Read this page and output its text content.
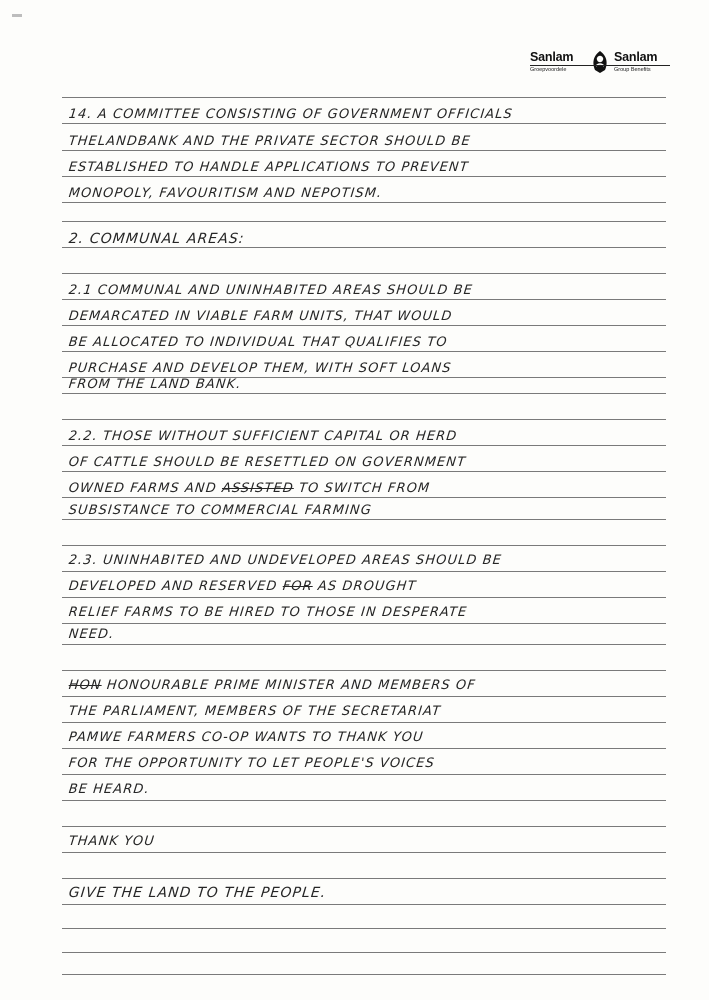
Sanlam	Sanlam
Groepvoordele	Group Benefits
14. A COMMITTEE CONSISTING OF GOVERNMENT OFFICIALS
THELANDBANK AND THE PRIVATE SECTOR SHOULD BE
ESTABLISHED TO HANDLE APPLICATIONS TO PREVENT
MONOPOLY, FAVOURITISM AND NEPOTISM.
2. COMMUNAL AREAS:
2.1 COMMUNAL AND UNINHABITED AREAS SHOULD BE
DEMARCATED IN VIABLE FARM UNITS, THAT WOULD
BE ALLOCATED TO INDIVIDUAL THAT QUALIFIES TO
PURCHASE AND DEVELOP THEM, WITH SOFT LOANS
FROM THE LAND BANK.
2.2. THOSE WITHOUT SUFFICIENT CAPITAL OR HERD
OF CATTLE SHOULD BE RESETTLED ON GOVERNMENT
OWNED FARMS AND ASSISTED TO SWITCH FROM
SUBSISTANCE TO COMMERCIAL FARMING
2.3. UNINHABITED AND UNDEVELOPED AREAS SHOULD BE
DEVELOPED AND RESERVED FOR AS DROUGHT
RELIEF FARMS TO BE HIRED TO THOSE IN DESPERATE
NEED.
HON HONOURABLE PRIME MINISTER AND MEMBERS OF
THE PARLIAMENT, MEMBERS OF THE SECRETARIAT
PAMWE FARMERS CO-OP WANTS TO THANK YOU
FOR THE OPPORTUNITY TO LET PEOPLE'S VOICES
BE HEARD.
THANK YOU
GIVE THE LAND TO THE PEOPLE.
